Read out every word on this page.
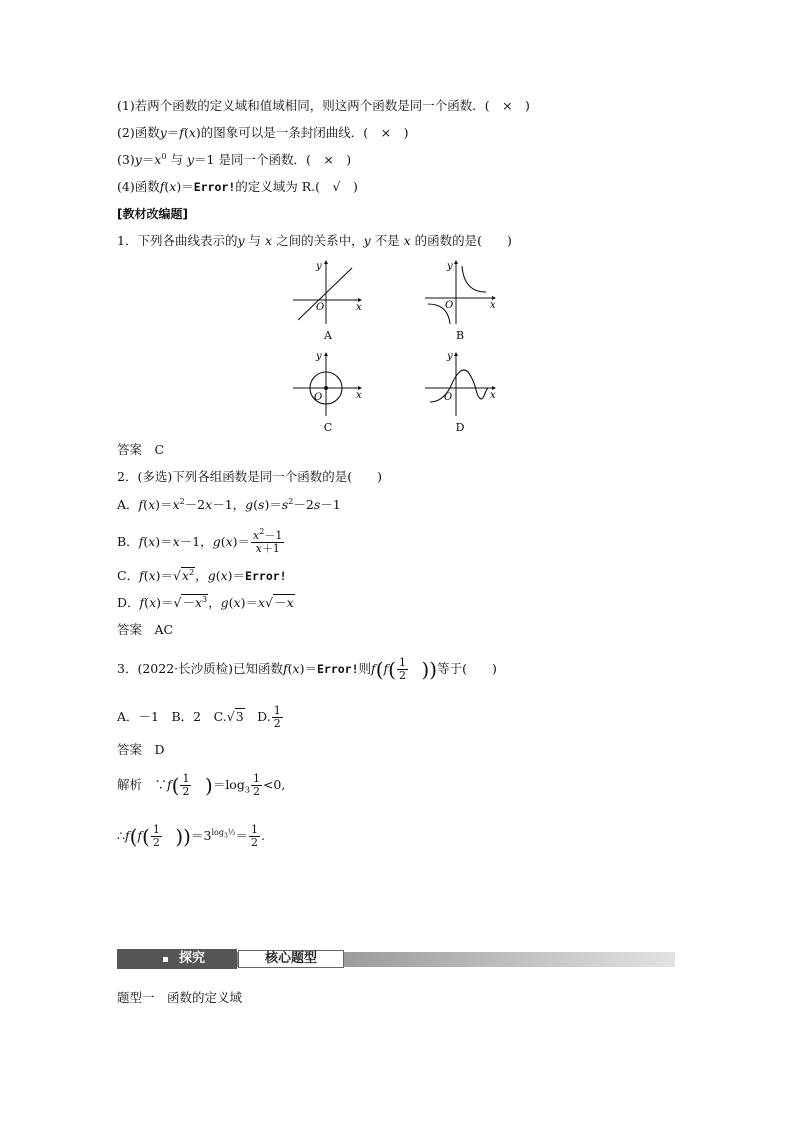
(1)若两个函数的定义域和值域相同，则这两个函数是同一个函数．(　×　)
(2)函数y＝f(x)的图象可以是一条封闭曲线．(　×　)
$(3)y=x^0$ 与 y＝1 是同一个函数．(　×　)
(4)函数f(x)＝Error!的定义域为 R.(　√　)
[教材改编题]
1．下列各曲线表示的y 与 x 之间的关系中，y 不是 x 的函数的是(　　)
O	x
y
A
O	x
y
B
O	x
y
C
O	x
y
D
答案　 C
2．(多选)下列各组函数是同一个函数的是(　　)
A．$f(x)=x^2-2x-1$，$g(s)=s^2-2s-1$
B．f(x)＝x－1，$g(x)= \frac{x^2-1}{x+1}$
C．$f(x)=√x^2$，g(x)＝Error!
D．$f(x)=√-x^3$，g(x)＝x√－x
答案　 AC
3．(2022·长沙质检)已知函数f(x)＝Error!则$f(f( \frac{1}{2}$
　 ))等于(　　)
A．－1　B．2　C.√3　 D. $\frac{1}{2}$
答案　 D
解析　∵f( $\frac{1}{2}$
　 )$=\log_3 \frac{1}{2} <0$,
∴f(f( $\frac{1}{2}$
　 ))$=3^{log_3\frac{1}{2}}= \frac{1}{2}$ .
探究	核心题型
题型一　函数的定义域
